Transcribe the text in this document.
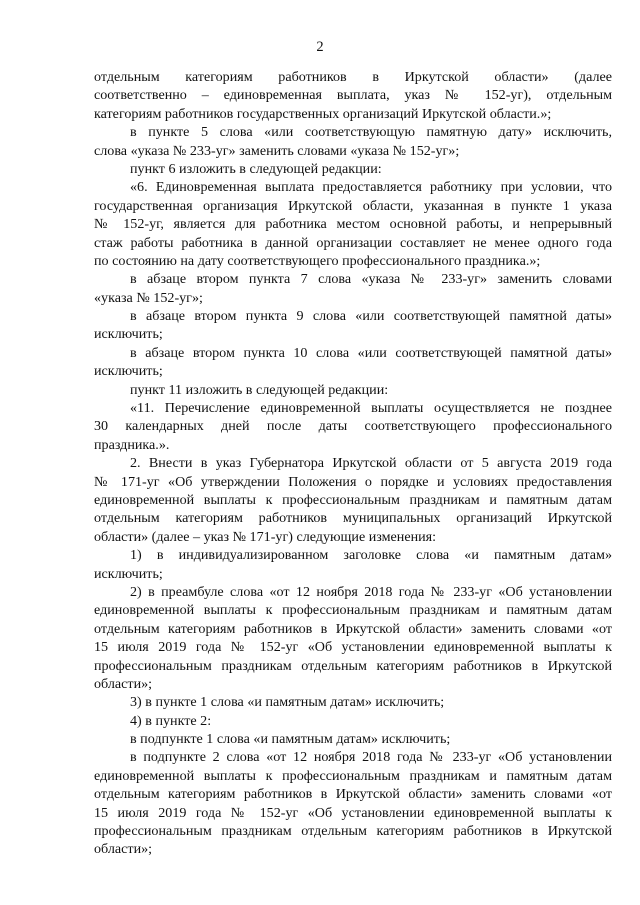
2
отдельным категориям работников в Иркутской области» (далее
соответственно – единовременная выплата, указ № 152-уг), отдельным
категориям работников государственных организаций Иркутской области.»;
в пункте 5 слова «или соответствующую памятную дату» исключить,
слова «указа № 233-уг» заменить словами «указа № 152-уг»;
пункт 6 изложить в следующей редакции:
«6. Единовременная выплата предоставляется работнику при условии, что
государственная организация Иркутской области, указанная в пункте 1 указа
№ 152-уг, является для работника местом основной работы, и непрерывный
стаж работы работника в данной организации составляет не менее одного года
по состоянию на дату соответствующего профессионального праздника.»;
в абзаце втором пункта 7 слова «указа № 233-уг» заменить словами
«указа № 152-уг»;
в абзаце втором пункта 9 слова «или соответствующей памятной даты»
исключить;
в абзаце втором пункта 10 слова «или соответствующей памятной даты»
исключить;
пункт 11 изложить в следующей редакции:
«11. Перечисление единовременной выплаты осуществляется не позднее
30 календарных дней после даты соответствующего профессионального
праздника.».
2. Внести в указ Губернатора Иркутской области от 5 августа 2019 года
№ 171-уг «Об утверждении Положения о порядке и условиях предоставления
единовременной выплаты к профессиональным праздникам и памятным датам
отдельным категориям работников муниципальных организаций Иркутской
области» (далее – указ № 171-уг) следующие изменения:
1) в индивидуализированном заголовке слова «и памятным датам»
исключить;
2) в преамбуле слова «от 12 ноября 2018 года № 233-уг «Об установлении
единовременной выплаты к профессиональным праздникам и памятным датам
отдельным категориям работников в Иркутской области» заменить словами «от
15 июля 2019 года № 152-уг «Об установлении единовременной выплаты к
профессиональным праздникам отдельным категориям работников в Иркутской
области»;
3) в пункте 1 слова «и памятным датам» исключить;
4) в пункте 2:
в подпункте 1 слова «и памятным датам» исключить;
в подпункте 2 слова «от 12 ноября 2018 года № 233-уг «Об установлении
единовременной выплаты к профессиональным праздникам и памятным датам
отдельным категориям работников в Иркутской области» заменить словами «от
15 июля 2019 года № 152-уг «Об установлении единовременной выплаты к
профессиональным праздникам отдельным категориям работников в Иркутской
области»;
